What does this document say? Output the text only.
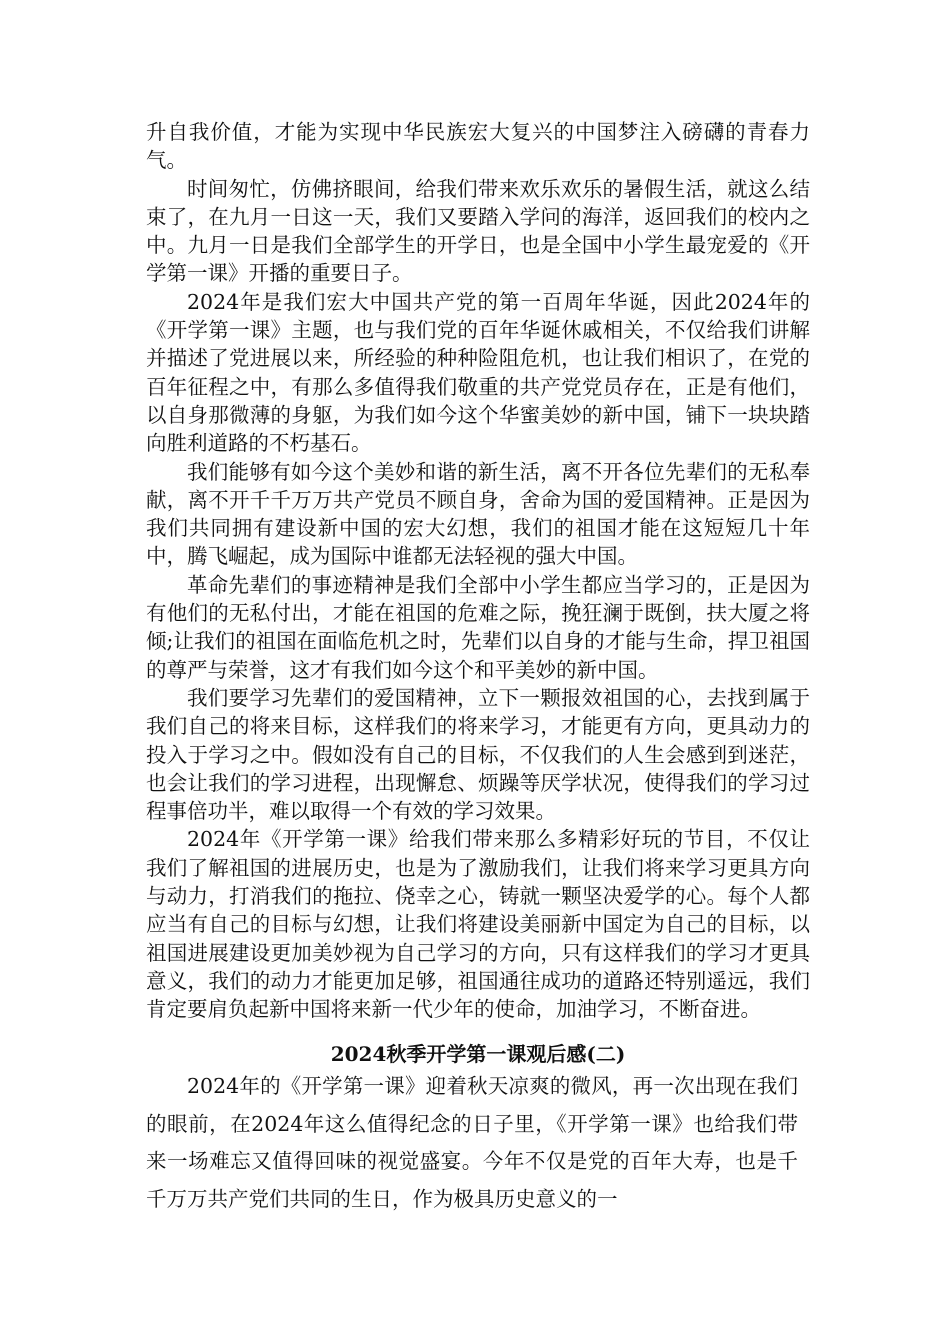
升自我价值，才能为实现中华民族宏大复兴的中国梦注入磅礴的青春力气。

时间匆忙，仿佛挤眼间，给我们带来欢乐欢乐的暑假生活，就这么结束了，在九月一日这一天，我们又要踏入学问的海洋，返回我们的校内之中。九月一日是我们全部学生的开学日，也是全国中小学生最宠爱的《开学第一课》开播的重要日子。

2024年是我们宏大中国共产党的第一百周年华诞，因此2024年的《开学第一课》主题，也与我们党的百年华诞休戚相关，不仅给我们讲解并描述了党进展以来，所经验的种种险阻危机，也让我们相识了，在党的百年征程之中，有那么多值得我们敬重的共产党党员存在，正是有他们，以自身那微薄的身躯，为我们如今这个华蜜美妙的新中国，铺下一块块踏向胜利道路的不朽基石。

我们能够有如今这个美妙和谐的新生活，离不开各位先辈们的无私奉献，离不开千千万万共产党员不顾自身，舍命为国的爱国精神。正是因为我们共同拥有建设新中国的宏大幻想，我们的祖国才能在这短短几十年中，腾飞崛起，成为国际中谁都无法轻视的强大中国。

革命先辈们的事迹精神是我们全部中小学生都应当学习的，正是因为有他们的无私付出，才能在祖国的危难之际，挽狂澜于既倒，扶大厦之将倾;让我们的祖国在面临危机之时，先辈们以自身的才能与生命，捍卫祖国的尊严与荣誉，这才有我们如今这个和平美妙的新中国。

我们要学习先辈们的爱国精神，立下一颗报效祖国的心，去找到属于我们自己的将来目标，这样我们的将来学习，才能更有方向，更具动力的投入于学习之中。假如没有自己的目标，不仅我们的人生会感到到迷茫，也会让我们的学习进程，出现懈怠、烦躁等厌学状况，使得我们的学习过程事倍功半，难以取得一个有效的学习效果。

2024年《开学第一课》给我们带来那么多精彩好玩的节目，不仅让我们了解祖国的进展历史，也是为了激励我们，让我们将来学习更具方向与动力，打消我们的拖拉、侥幸之心，铸就一颗坚决爱学的心。每个人都应当有自己的目标与幻想，让我们将建设美丽新中国定为自己的目标，以祖国进展建设更加美妙视为自己学习的方向，只有这样我们的学习才更具意义，我们的动力才能更加足够，祖国通往成功的道路还特别遥远，我们肯定要肩负起新中国将来新一代少年的使命，加油学习，不断奋进。

2024秋季开学第一课观后感(二)

2024年的《开学第一课》迎着秋天凉爽的微风，再一次出现在我们的眼前，在2024年这么值得纪念的日子里，《开学第一课》也给我们带来一场难忘又值得回味的视觉盛宴。今年不仅是党的百年大寿，也是千千万万共产党们共同的生日，作为极具历史意义的一
